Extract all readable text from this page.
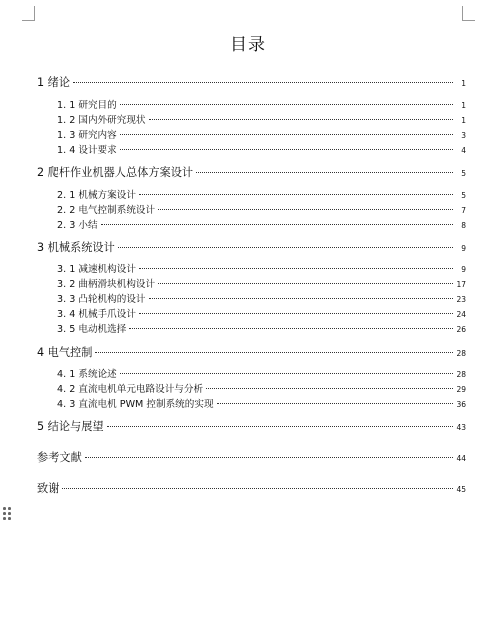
目录
1 绪论	1
1. 1 研究目的	1
1. 2 国内外研究现状	1
1. 3 研究内容	3
1. 4 设计要求	4
2 爬杆作业机器人总体方案设计	5
2. 1 机械方案设计	5
2. 2 电气控制系统设计	7
2. 3 小结	8
3 机械系统设计	9
3. 1 减速机构设计	9
3. 2 曲柄滑块机构设计	17
3. 3 凸轮机构的设计	23
3. 4 机械手爪设计	24
3. 5 电动机选择	26
4 电气控制	28
4. 1 系统论述	28
4. 2 直流电机单元电路设计与分析	29
4. 3 直流电机 PWM 控制系统的实现	36
5 结论与展望	43
参考文献	44
致谢	45
